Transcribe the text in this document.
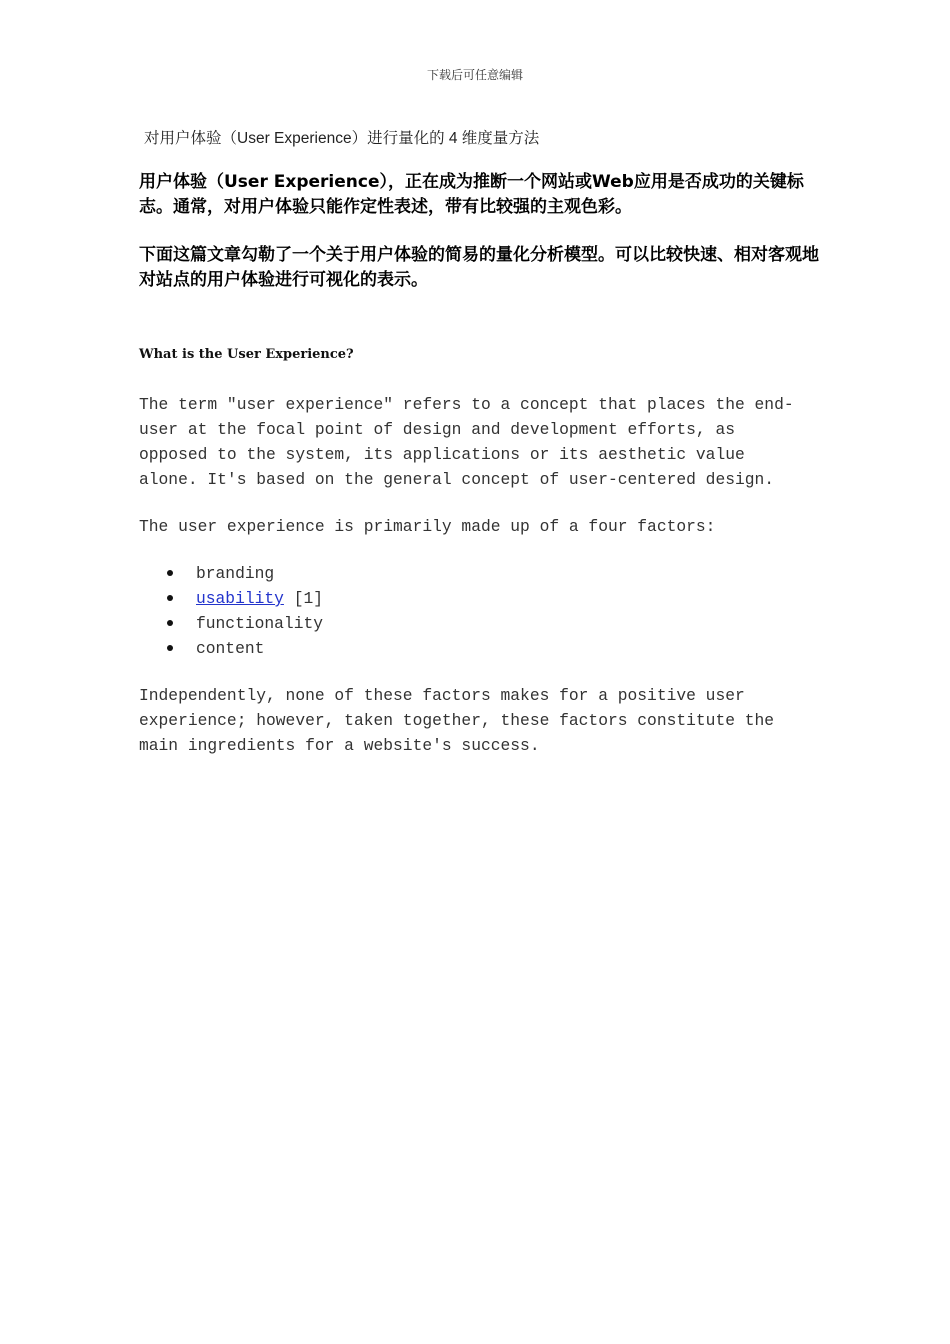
下载后可任意编辑
对用户体验（User Experience）进行量化的 4 维度量方法

用户体验（User Experience），正在成为推断一个网站或Web应用是否成功的关键标志。通常，对用户体验只能作定性表述，带有比较强的主观色彩。

下面这篇文章勾勒了一个关于用户体验的简易的量化分析模型。可以比较快速、相对客观地对站点的用户体验进行可视化的表示。

What is the User Experience?

The term "user experience" refers to a concept that places the end-
user at the focal point of design and development efforts, as
opposed to the system, its applications or its aesthetic value
alone. It's based on the general concept of user-centered design.

The user experience is primarily made up of a four factors:

branding
usability [1]
functionality
content

Independently, none of these factors makes for a positive user
experience; however, taken together, these factors constitute the
main ingredients for a website's success.
